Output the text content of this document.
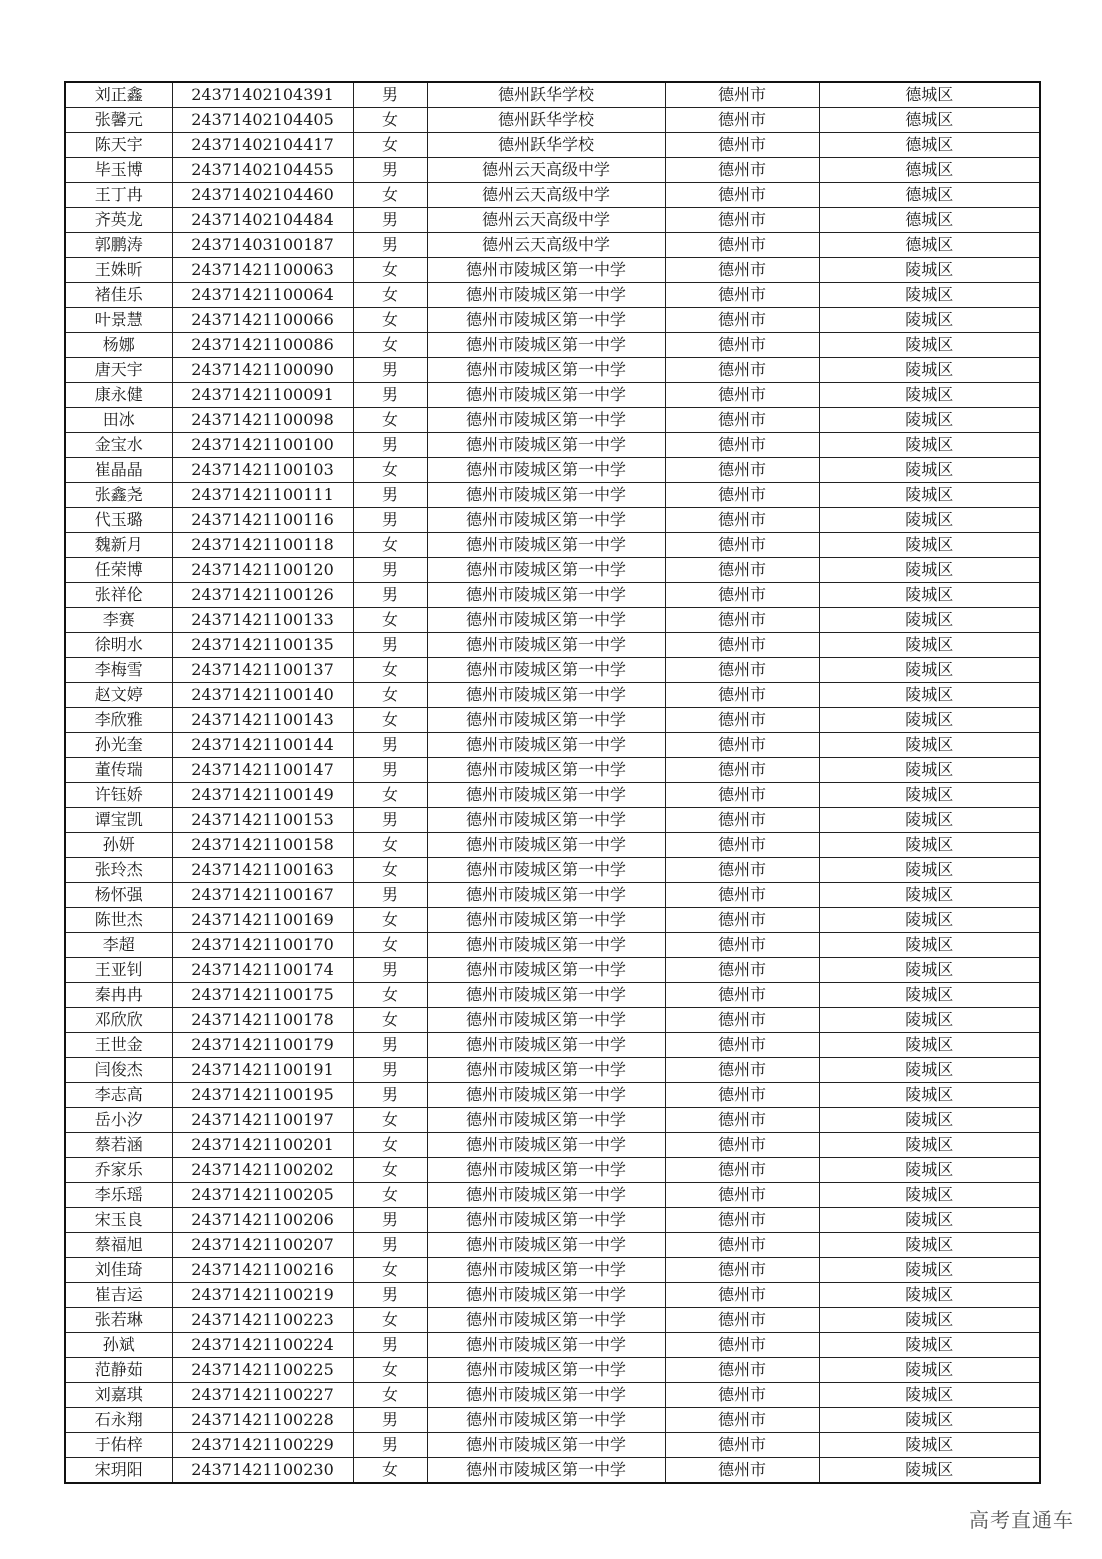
刘正鑫	24371402104391	男	德州跃华学校	德州市	德城区
张馨元	24371402104405	女	德州跃华学校	德州市	德城区
陈天宇	24371402104417	女	德州跃华学校	德州市	德城区
毕玉博	24371402104455	男	德州云天高级中学	德州市	德城区
王丁冉	24371402104460	女	德州云天高级中学	德州市	德城区
齐英龙	24371402104484	男	德州云天高级中学	德州市	德城区
郭鹏涛	24371403100187	男	德州云天高级中学	德州市	德城区
王姝昕	24371421100063	女	德州市陵城区第一中学	德州市	陵城区
褚佳乐	24371421100064	女	德州市陵城区第一中学	德州市	陵城区
叶景慧	24371421100066	女	德州市陵城区第一中学	德州市	陵城区
杨娜	24371421100086	女	德州市陵城区第一中学	德州市	陵城区
唐天宇	24371421100090	男	德州市陵城区第一中学	德州市	陵城区
康永健	24371421100091	男	德州市陵城区第一中学	德州市	陵城区
田冰	24371421100098	女	德州市陵城区第一中学	德州市	陵城区
金宝水	24371421100100	男	德州市陵城区第一中学	德州市	陵城区
崔晶晶	24371421100103	女	德州市陵城区第一中学	德州市	陵城区
张鑫尧	24371421100111	男	德州市陵城区第一中学	德州市	陵城区
代玉璐	24371421100116	男	德州市陵城区第一中学	德州市	陵城区
魏新月	24371421100118	女	德州市陵城区第一中学	德州市	陵城区
任荣博	24371421100120	男	德州市陵城区第一中学	德州市	陵城区
张祥伦	24371421100126	男	德州市陵城区第一中学	德州市	陵城区
李赛	24371421100133	女	德州市陵城区第一中学	德州市	陵城区
徐明水	24371421100135	男	德州市陵城区第一中学	德州市	陵城区
李梅雪	24371421100137	女	德州市陵城区第一中学	德州市	陵城区
赵文婷	24371421100140	女	德州市陵城区第一中学	德州市	陵城区
李欣雅	24371421100143	女	德州市陵城区第一中学	德州市	陵城区
孙光奎	24371421100144	男	德州市陵城区第一中学	德州市	陵城区
董传瑞	24371421100147	男	德州市陵城区第一中学	德州市	陵城区
许钰娇	24371421100149	女	德州市陵城区第一中学	德州市	陵城区
谭宝凯	24371421100153	男	德州市陵城区第一中学	德州市	陵城区
孙妍	24371421100158	女	德州市陵城区第一中学	德州市	陵城区
张玲杰	24371421100163	女	德州市陵城区第一中学	德州市	陵城区
杨怀强	24371421100167	男	德州市陵城区第一中学	德州市	陵城区
陈世杰	24371421100169	女	德州市陵城区第一中学	德州市	陵城区
李超	24371421100170	女	德州市陵城区第一中学	德州市	陵城区
王亚钊	24371421100174	男	德州市陵城区第一中学	德州市	陵城区
秦冉冉	24371421100175	女	德州市陵城区第一中学	德州市	陵城区
邓欣欣	24371421100178	女	德州市陵城区第一中学	德州市	陵城区
王世金	24371421100179	男	德州市陵城区第一中学	德州市	陵城区
闫俊杰	24371421100191	男	德州市陵城区第一中学	德州市	陵城区
李志高	24371421100195	男	德州市陵城区第一中学	德州市	陵城区
岳小汐	24371421100197	女	德州市陵城区第一中学	德州市	陵城区
蔡若涵	24371421100201	女	德州市陵城区第一中学	德州市	陵城区
乔家乐	24371421100202	女	德州市陵城区第一中学	德州市	陵城区
李乐瑶	24371421100205	女	德州市陵城区第一中学	德州市	陵城区
宋玉良	24371421100206	男	德州市陵城区第一中学	德州市	陵城区
蔡福旭	24371421100207	男	德州市陵城区第一中学	德州市	陵城区
刘佳琦	24371421100216	女	德州市陵城区第一中学	德州市	陵城区
崔吉运	24371421100219	男	德州市陵城区第一中学	德州市	陵城区
张若琳	24371421100223	女	德州市陵城区第一中学	德州市	陵城区
孙斌	24371421100224	男	德州市陵城区第一中学	德州市	陵城区
范静茹	24371421100225	女	德州市陵城区第一中学	德州市	陵城区
刘嘉琪	24371421100227	女	德州市陵城区第一中学	德州市	陵城区
石永翔	24371421100228	男	德州市陵城区第一中学	德州市	陵城区
于佑梓	24371421100229	男	德州市陵城区第一中学	德州市	陵城区
宋玥阳	24371421100230	女	德州市陵城区第一中学	德州市	陵城区
高考直通车
